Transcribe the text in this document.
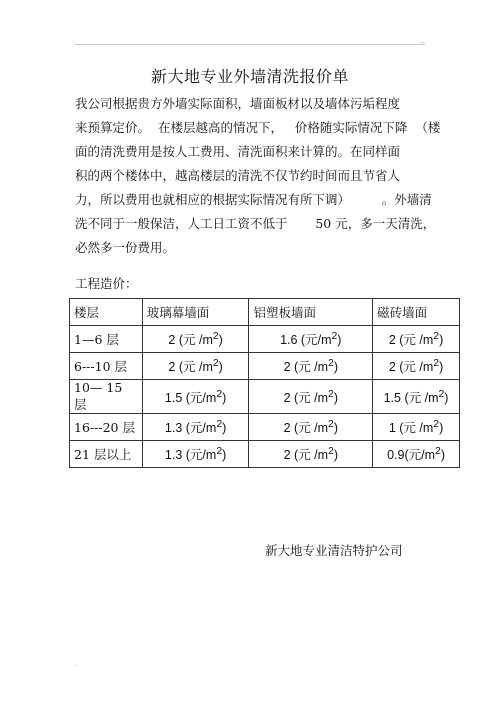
..
新大地专业外墙清洗报价单

我公司根据贵方外墙实际面积，墙面板材以及墙体污垢程度

来预算定价。  在楼层越高的情况下，   价格随实际情况下降  （楼

面的清洗费用是按人工费用、清洗面积来计算的。在同样面

积的两个楼体中，越高楼层的清洗不仅节约时间而且节省人

力，所以费用也就相应的根据实际情况有所下调）        。外墙清

洗不同于一般保洁，人工日工资不低于       50 元，多一天清洗，

必然多一份费用。

工程造价：
楼层	玻璃幕墙面	铝塑板墙面	磁砖墙面
1—6 层	2 (元 $/m^2$)	1.6 (元$/m^2$)	2 (元 $/m^2$)
6---10 层	2 (元 $/m^2$)	2 (元 $/m^2$)	2 (元 $/m^2$)
10— 15 层	1.5 (元$/m^2$)	2 (元 $/m^2$)	1.5 (元 $/m^2$)
16---20 层	1.3 (元$/m^2$)	2 (元 $/m^2$)	1 (元 $/m^2$)
21 层以上	1.3 (元$/m^2$)	2 (元 $/m^2$)	0.9(元$/m^2$)
新大地专业清洁特护公司
.
